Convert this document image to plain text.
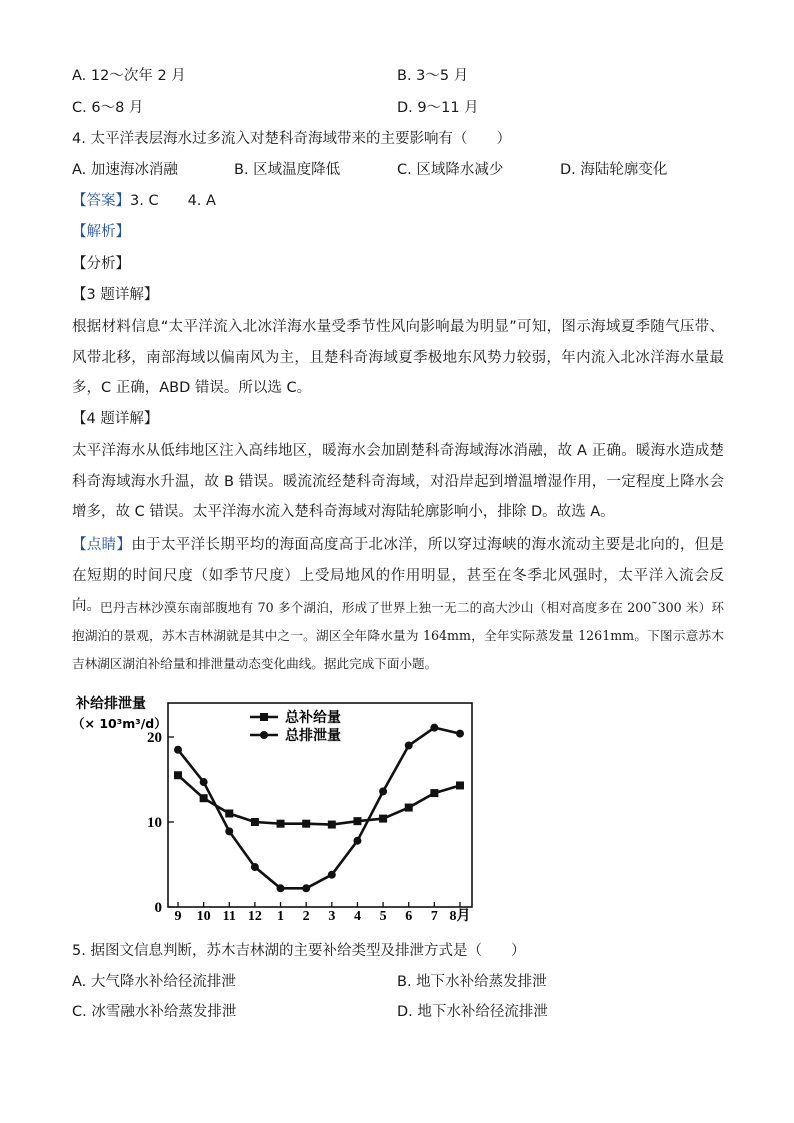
A. 12～次年 2 月	B. 3～5 月
C. 6～8 月	D. 9～11 月
4. 太平洋表层海水过多流入对楚科奇海域带来的主要影响有（　　）
A. 加速海冰消融	B. 区域温度降低	C. 区域降水减少	D. 海陆轮廓变化
【答案】3. C　　4. A
【解析】
【分析】
【3 题详解】
根据材料信息“太平洋流入北冰洋海水量受季节性风向影响最为明显”可知，图示海域夏季随气压带、风带北移，南部海域以偏南风为主，且楚科奇海域夏季极地东风势力较弱，年内流入北冰洋海水量最多，C 正确，ABD 错误。所以选 C。
【4 题详解】
太平洋海水从低纬地区注入高纬地区，暖海水会加剧楚科奇海域海冰消融，故 A 正确。暖海水造成楚科奇海域海水升温，故 B 错误。暖流流经楚科奇海域，对沿岸起到增温增湿作用，一定程度上降水会增多，故 C 错误。太平洋海水流入楚科奇海域对海陆轮廓影响小，排除 D。故选 A。
【点睛】由于太平洋长期平均的海面高度高于北冰洋，所以穿过海峡的海水流动主要是北向的，但是在短期的时间尺度（如季节尺度）上受局地风的作用明显，甚至在冬季北风强时，太平洋入流会反向。 巴丹吉林沙漠东南部腹地有 70 多个湖泊，形成了世界上独一无二的高大沙山（相对高度多在 200˜300 米）环抱湖泊的景观，苏木吉林湖就是其中之一。湖区全年降水量为 164mm，全年实际蒸发量 1261mm。下图示意苏木吉林湖区湖泊补给量和排泄量动态变化曲线。据此完成下面小题。
补给排泄量
（× 10³m³/d）
0
10
20
9 10 11 12 1 2 3 4 5 6 7 8月
总补给量
总排泄量
5. 据图文信息判断，苏木吉林湖的主要补给类型及排泄方式是（　　）
A. 大气降水补给径流排泄	B. 地下水补给蒸发排泄
C. 冰雪融水补给蒸发排泄	D. 地下水补给径流排泄
